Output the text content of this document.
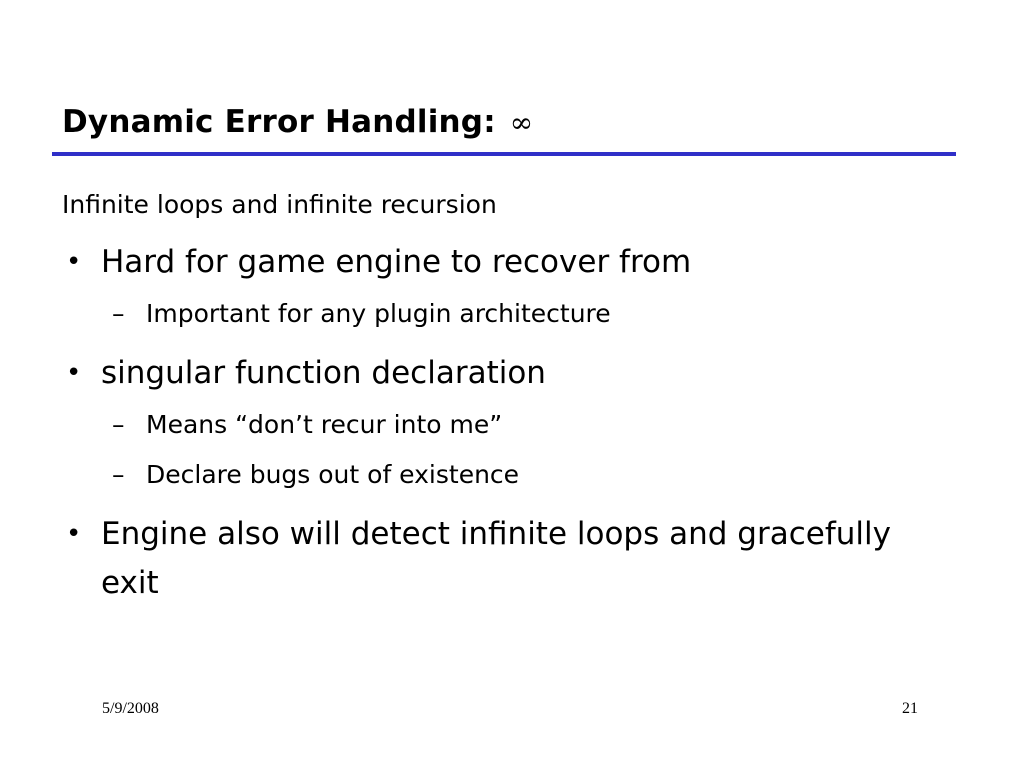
Dynamic Error Handling: ∞
Infinite loops and infinite recursion
• Hard for game engine to recover from
– Important for any plugin architecture
• singular function declaration
– Means “don’t recur into me”
– Declare bugs out of existence
• Engine also will detect infinite loops and gracefully exit
5/9/2008	21
